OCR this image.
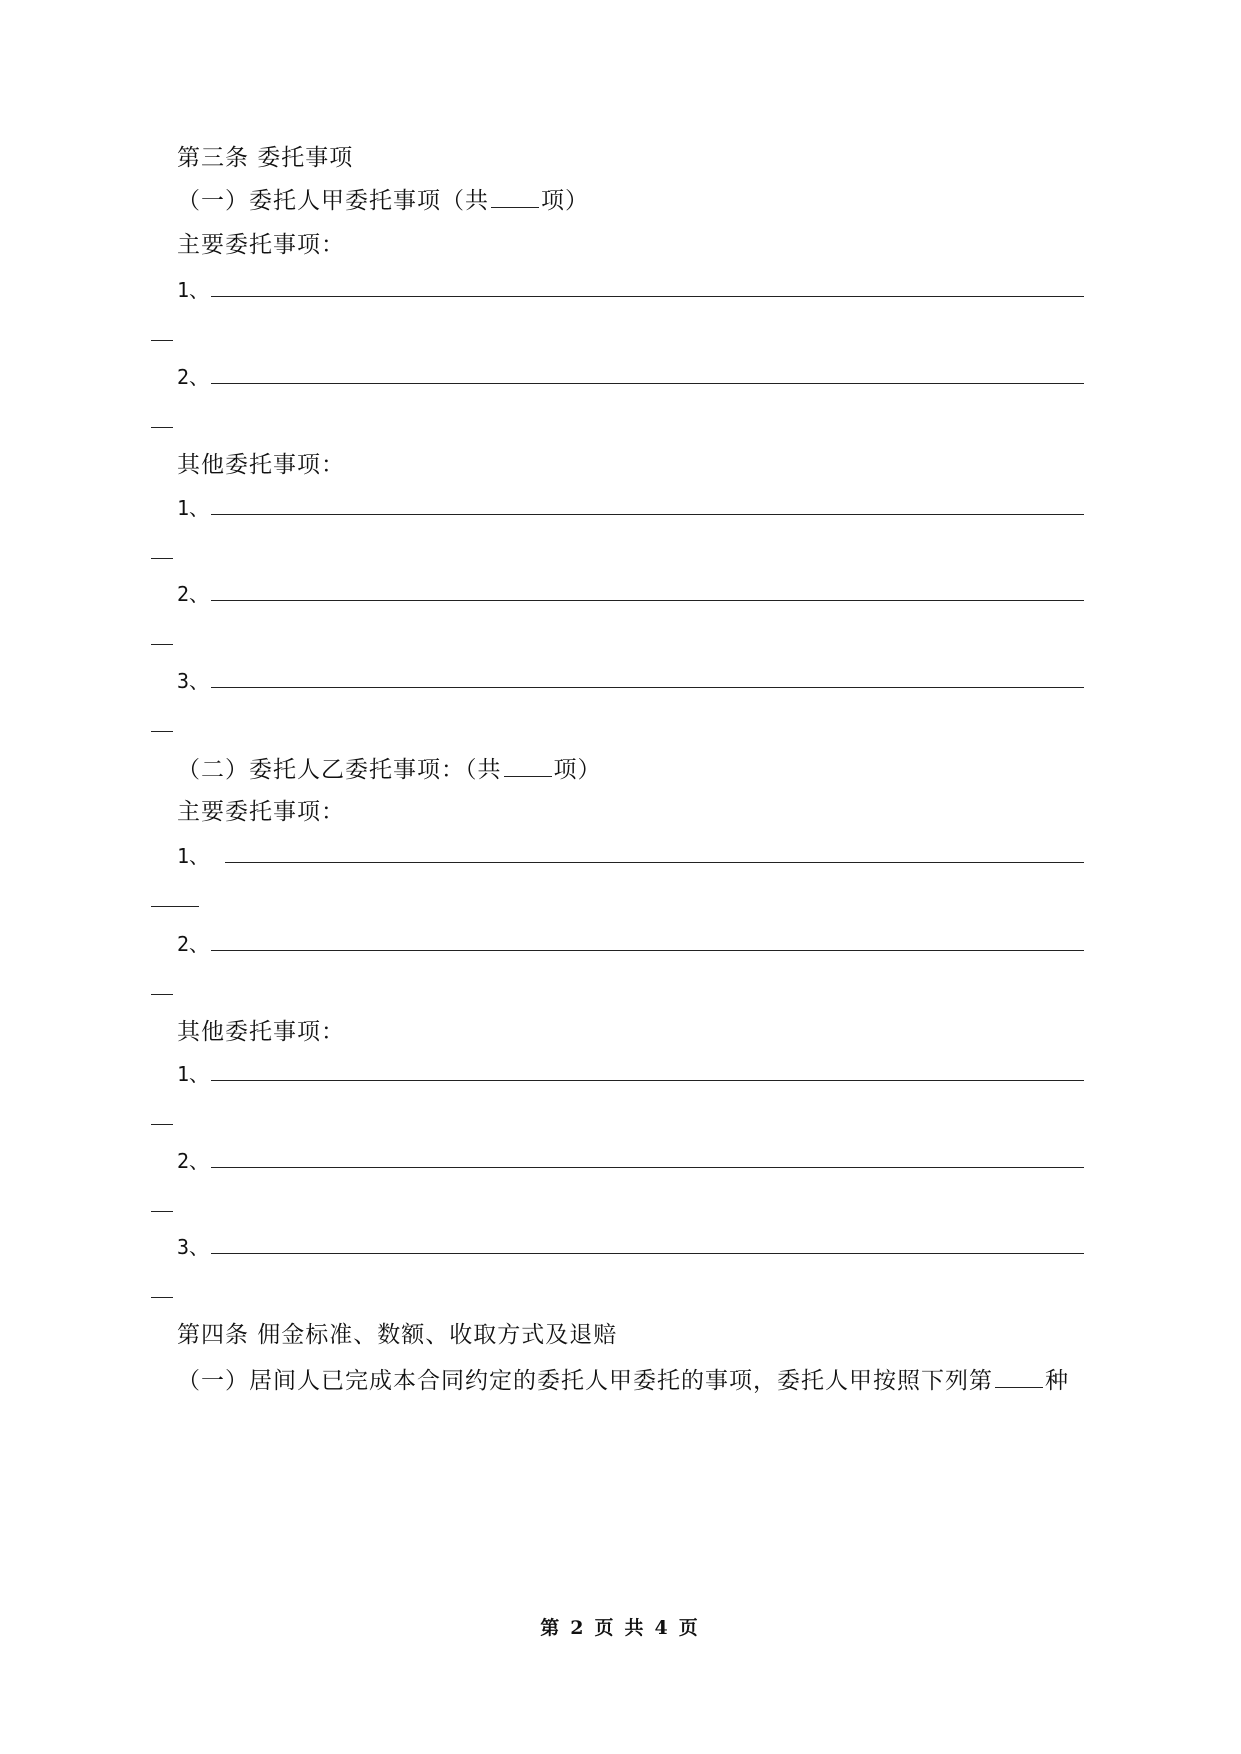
第三条 委托事项
（一）委托人甲委托事项（共 项）
主要委托事项：
1、
2、
其他委托事项：
1、
2、
3、
（二）委托人乙委托事项：（共 项）
主要委托事项：
1、
2、
其他委托事项：
1、
2、
3、
第四条 佣金标准、数额、收取方式及退赔
（一）居间人已完成本合同约定的委托人甲委托的事项，委托人甲按照下列第 种
第 2 页 共 4 页
